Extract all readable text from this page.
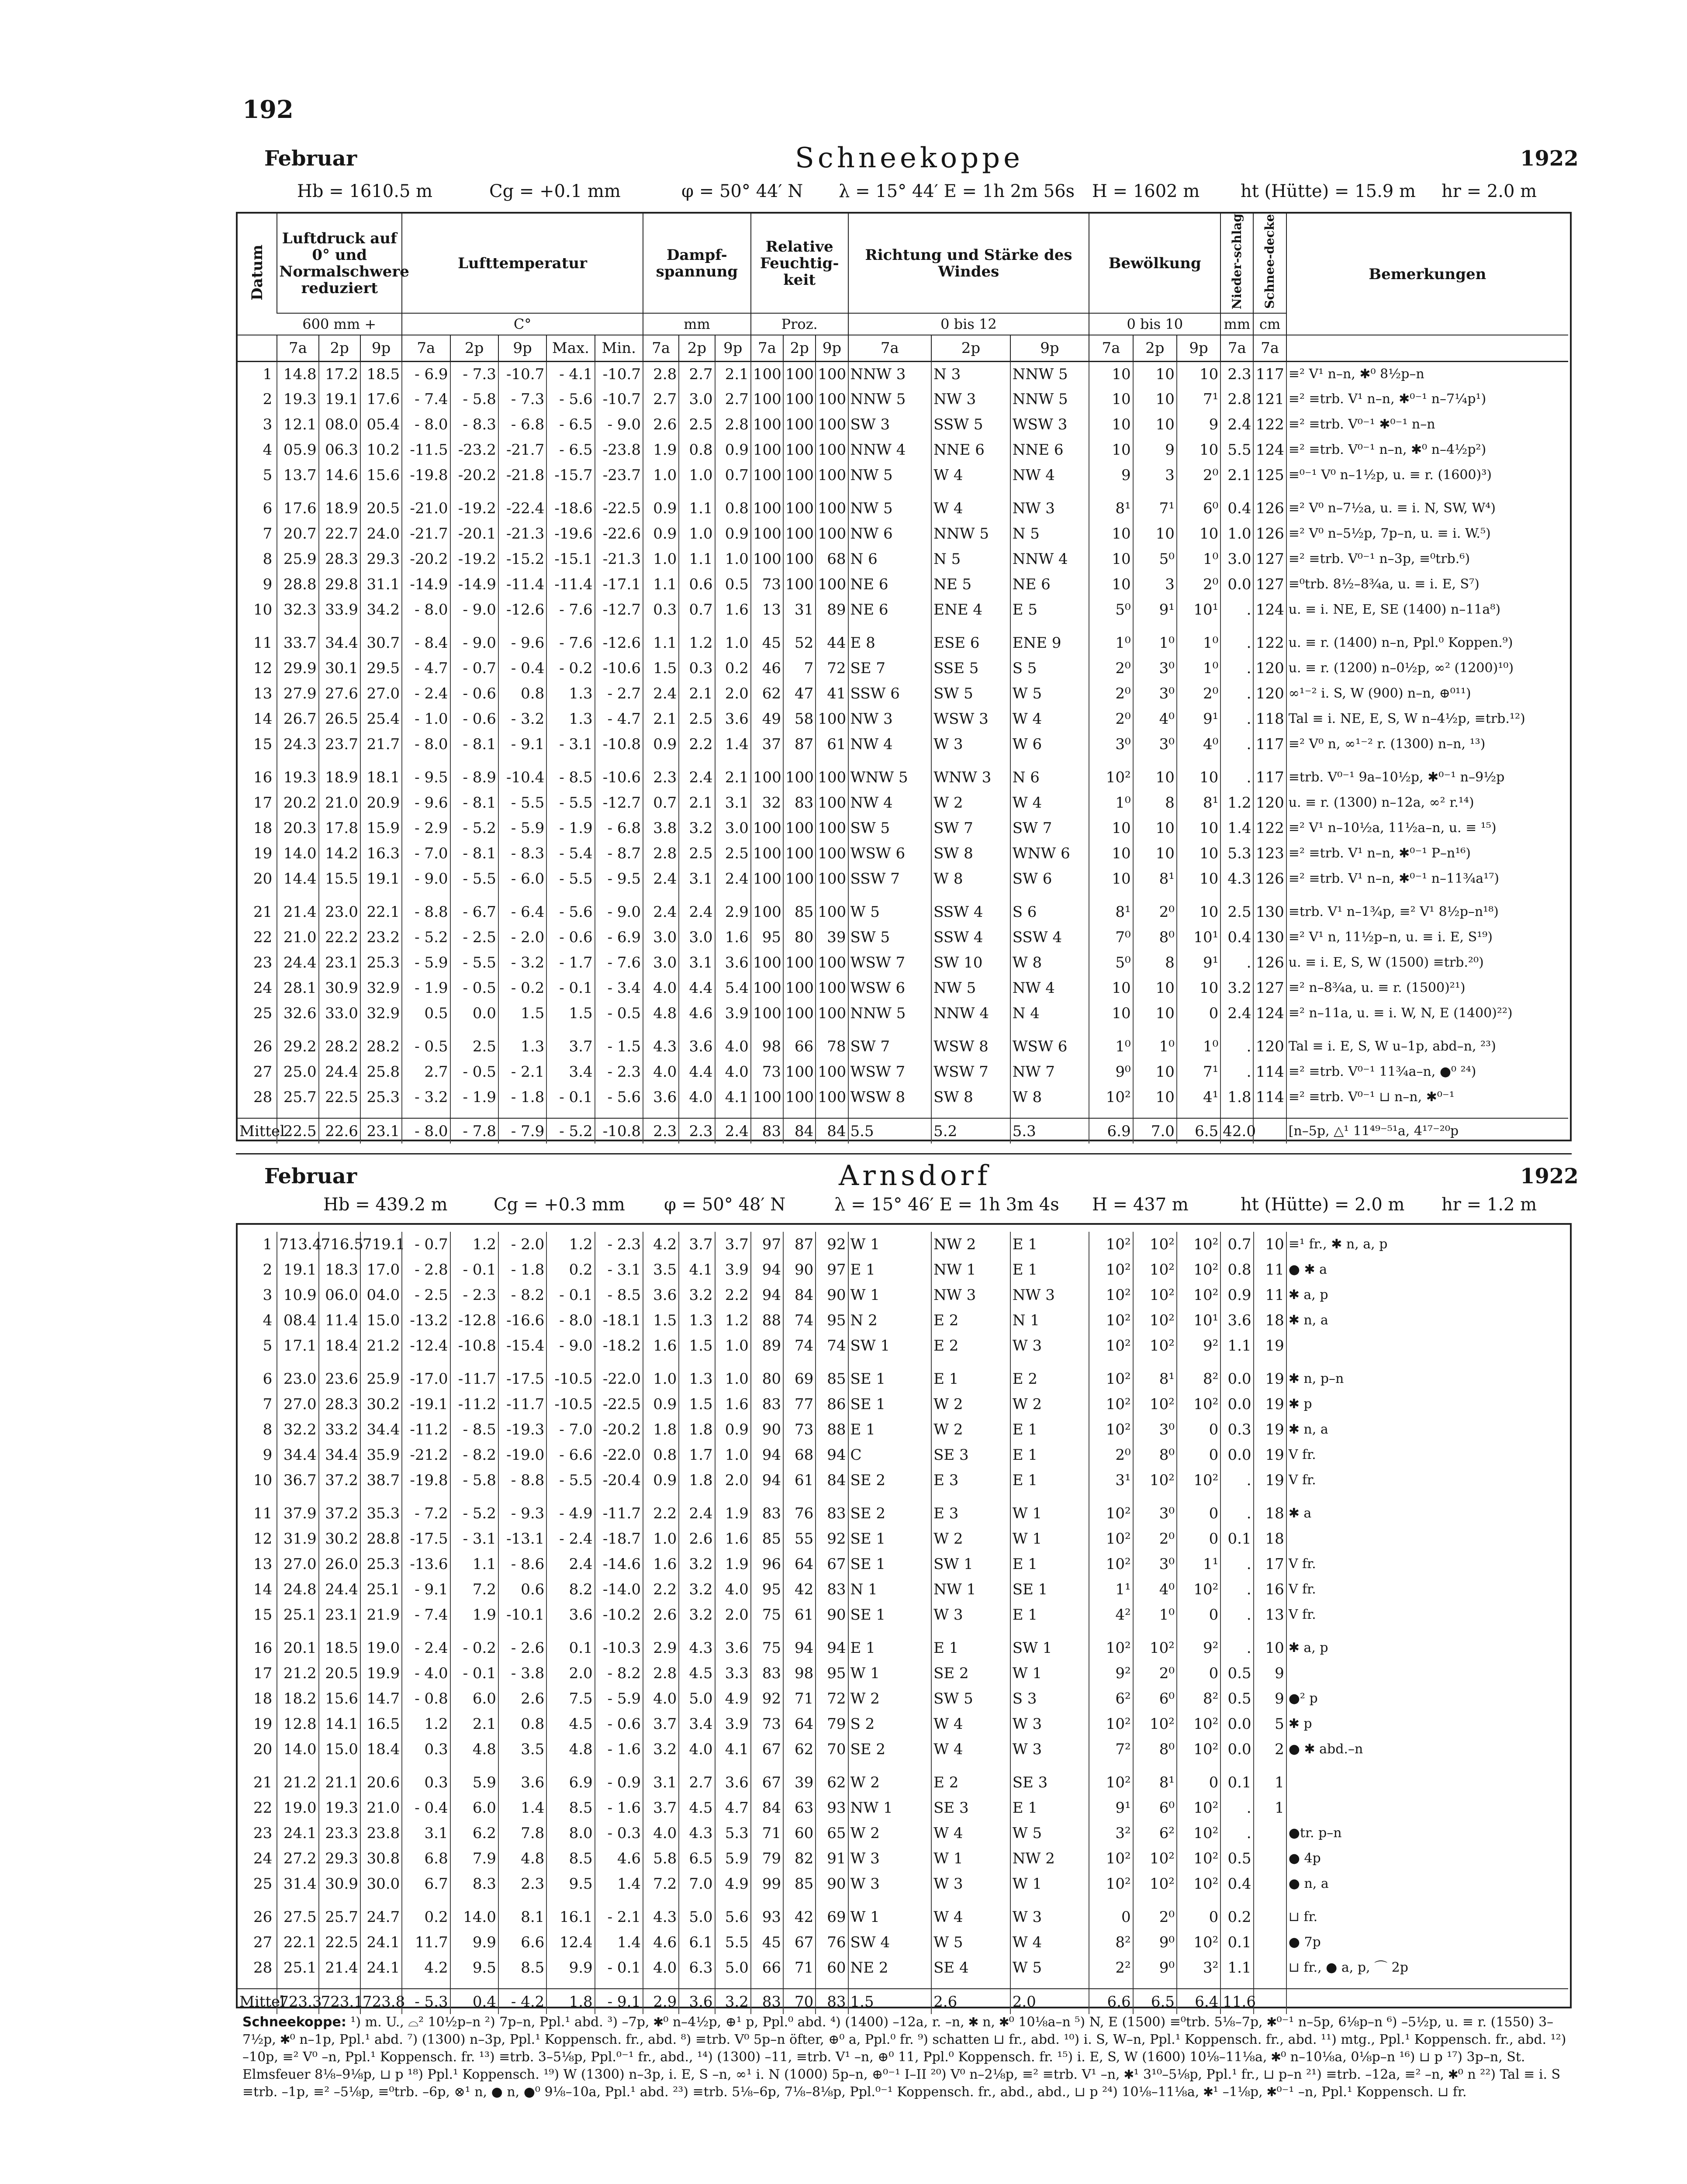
192
Februar	Schneekoppe	1922
Hb = 1610.5 m	Cg = +0.1 mm	φ = 50° 44′ N λ = 15° 44′ E = 1h 2m 56s H = 1602 m ht (Hütte) = 15.9 m hr = 2.0 m
Datum	Luftdruck auf 0° und Normalschwere reduziert			Lufttemperatur					Dampf-spannung			Relative Feuchtig-keit			Richtung und Stärke des Windes			Bewölkung			Nieder-schlag	Schnee-decke	Bemerkungen
	600 mm +			C°					mm			Proz.			0 bis 12			0 bis 10			mm	cm	
	7a	2p	9p	7a	2p	9p	Max.	Min.	7a	2p	9p	7a	2p	9p	7a	2p	9p	7a	2p	9p	7a	7a	
1	14.8	17.2	18.5	- 6.9	- 7.3	-10.7	- 4.1	-10.7	2.8	2.7	2.1	100	100	100	NNW 3	N 3	NNW 5	10	10	10	2.3	117	≡² V¹ n–n, ✱⁰ 8½p–n
2	19.3	19.1	17.6	- 7.4	- 5.8	- 7.3	- 5.6	-10.7	2.7	3.0	2.7	100	100	100	NNW 5	NW 3	NNW 5	10	10	7¹	2.8	121	≡² ≡trb. V¹ n–n, ✱⁰⁻¹ n–7¼p¹)
3	12.1	08.0	05.4	- 8.0	- 8.3	- 6.8	- 6.5	- 9.0	2.6	2.5	2.8	100	100	100	SW 3	SSW 5	WSW 3	10	10	9	2.4	122	≡² ≡trb. V⁰⁻¹ ✱⁰⁻¹ n–n
4	05.9	06.3	10.2	-11.5	-23.2	-21.7	- 6.5	-23.8	1.9	0.8	0.9	100	100	100	NNW 4	NNE 6	NNE 6	10	9	10	5.5	124	≡² ≡trb. V⁰⁻¹ n–n, ✱⁰ n–4½p²)
5	13.7	14.6	15.6	-19.8	-20.2	-21.8	-15.7	-23.7	1.0	1.0	0.7	100	100	100	NW 5	W 4	NW 4	9	3	2⁰	2.1	125	≡⁰⁻¹ V⁰ n–1½p, u. ≡ r. (1600)³)

6	17.6	18.9	20.5	-21.0	-19.2	-22.4	-18.6	-22.5	0.9	1.1	0.8	100	100	100	NW 5	W 4	NW 3	8¹	7¹	6⁰	0.4	126	≡² V⁰ n–7½a, u. ≡ i. N, SW, W⁴)
7	20.7	22.7	24.0	-21.7	-20.1	-21.3	-19.6	-22.6	0.9	1.0	0.9	100	100	100	NW 6	NNW 5	N 5	10	10	10	1.0	126	≡² V⁰ n–5½p, 7p–n, u. ≡ i. W.⁵)
8	25.9	28.3	29.3	-20.2	-19.2	-15.2	-15.1	-21.3	1.0	1.1	1.0	100	100	68	N 6	N 5	NNW 4	10	5⁰	1⁰	3.0	127	≡² ≡trb. V⁰⁻¹ n–3p, ≡⁰trb.⁶)
9	28.8	29.8	31.1	-14.9	-14.9	-11.4	-11.4	-17.1	1.1	0.6	0.5	73	100	100	NE 6	NE 5	NE 6	10	3	2⁰	0.0	127	≡⁰trb. 8½–8¾a, u. ≡ i. E, S⁷)
10	32.3	33.9	34.2	- 8.0	- 9.0	-12.6	- 7.6	-12.7	0.3	0.7	1.6	13	31	89	NE 6	ENE 4	E 5	5⁰	9¹	10¹	.	124	u. ≡ i. NE, E, SE (1400) n–11a⁸)

11	33.7	34.4	30.7	- 8.4	- 9.0	- 9.6	- 7.6	-12.6	1.1	1.2	1.0	45	52	44	E 8	ESE 6	ENE 9	1⁰	1⁰	1⁰	.	122	u. ≡ r. (1400) n–n, Ppl.⁰ Koppen.⁹)
12	29.9	30.1	29.5	- 4.7	- 0.7	- 0.4	- 0.2	-10.6	1.5	0.3	0.2	46	7	72	SE 7	SSE 5	S 5	2⁰	3⁰	1⁰	.	120	u. ≡ r. (1200) n–0½p, ∞² (1200)¹⁰)
13	27.9	27.6	27.0	- 2.4	- 0.6	0.8	1.3	- 2.7	2.4	2.1	2.0	62	47	41	SSW 6	SW 5	W 5	2⁰	3⁰	2⁰	.	120	∞¹⁻² i. S, W (900) n–n, ⊕⁰¹¹)
14	26.7	26.5	25.4	- 1.0	- 0.6	- 3.2	1.3	- 4.7	2.1	2.5	3.6	49	58	100	NW 3	WSW 3	W 4	2⁰	4⁰	9¹	.	118	Tal ≡ i. NE, E, S, W n–4½p, ≡trb.¹²)
15	24.3	23.7	21.7	- 8.0	- 8.1	- 9.1	- 3.1	-10.8	0.9	2.2	1.4	37	87	61	NW 4	W 3	W 6	3⁰	3⁰	4⁰	.	117	≡² V⁰ n, ∞¹⁻² r. (1300) n–n, ¹³)

16	19.3	18.9	18.1	- 9.5	- 8.9	-10.4	- 8.5	-10.6	2.3	2.4	2.1	100	100	100	WNW 5	WNW 3	N 6	10²	10	10	.	117	≡trb. V⁰⁻¹ 9a–10½p, ✱⁰⁻¹ n–9½p
17	20.2	21.0	20.9	- 9.6	- 8.1	- 5.5	- 5.5	-12.7	0.7	2.1	3.1	32	83	100	NW 4	W 2	W 4	1⁰	8	8¹	1.2	120	u. ≡ r. (1300) n–12a, ∞² r.¹⁴)
18	20.3	17.8	15.9	- 2.9	- 5.2	- 5.9	- 1.9	- 6.8	3.8	3.2	3.0	100	100	100	SW 5	SW 7	SW 7	10	10	10	1.4	122	≡² V¹ n–10½a, 11½a–n, u. ≡ ¹⁵)
19	14.0	14.2	16.3	- 7.0	- 8.1	- 8.3	- 5.4	- 8.7	2.8	2.5	2.5	100	100	100	WSW 6	SW 8	WNW 6	10	10	10	5.3	123	≡² ≡trb. V¹ n–n, ✱⁰⁻¹ P–n¹⁶)
20	14.4	15.5	19.1	- 9.0	- 5.5	- 6.0	- 5.5	- 9.5	2.4	3.1	2.4	100	100	100	SSW 7	W 8	SW 6	10	8¹	10	4.3	126	≡² ≡trb. V¹ n–n, ✱⁰⁻¹ n–11¾a¹⁷)

21	21.4	23.0	22.1	- 8.8	- 6.7	- 6.4	- 5.6	- 9.0	2.4	2.4	2.9	100	85	100	W 5	SSW 4	S 6	8¹	2⁰	10	2.5	130	≡trb. V¹ n–1¾p, ≡² V¹ 8½p–n¹⁸)
22	21.0	22.2	23.2	- 5.2	- 2.5	- 2.0	- 0.6	- 6.9	3.0	3.0	1.6	95	80	39	SW 5	SSW 4	SSW 4	7⁰	8⁰	10¹	0.4	130	≡² V¹ n, 11½p–n, u. ≡ i. E, S¹⁹)
23	24.4	23.1	25.3	- 5.9	- 5.5	- 3.2	- 1.7	- 7.6	3.0	3.1	3.6	100	100	100	WSW 7	SW 10	W 8	5⁰	8	9¹	.	126	u. ≡ i. E, S, W (1500) ≡trb.²⁰)
24	28.1	30.9	32.9	- 1.9	- 0.5	- 0.2	- 0.1	- 3.4	4.0	4.4	5.4	100	100	100	WSW 6	NW 5	NW 4	10	10	10	3.2	127	≡² n–8¾a, u. ≡ r. (1500)²¹)
25	32.6	33.0	32.9	0.5	0.0	1.5	1.5	- 0.5	4.8	4.6	3.9	100	100	100	NNW 5	NNW 4	N 4	10	10	0	2.4	124	≡² n–11a, u. ≡ i. W, N, E (1400)²²)

26	29.2	28.2	28.2	- 0.5	2.5	1.3	3.7	- 1.5	4.3	3.6	4.0	98	66	78	SW 7	WSW 8	WSW 6	1⁰	1⁰	1⁰	.	120	Tal ≡ i. E, S, W u–1p, abd–n, ²³)
27	25.0	24.4	25.8	2.7	- 0.5	- 2.1	3.4	- 2.3	4.0	4.4	4.0	73	100	100	WSW 7	WSW 7	NW 7	9⁰	10	7¹	.	114	≡² ≡trb. V⁰⁻¹ 11¾a–n, ●⁰ ²⁴)
28	25.7	22.5	25.3	- 3.2	- 1.9	- 1.8	- 0.1	- 5.6	3.6	4.0	4.1	100	100	100	WSW 8	SW 8	W 8	10²	10	4¹	1.8	114	≡² ≡trb. V⁰⁻¹ ⊔ n–n, ✱⁰⁻¹

Mittel	22.5	22.6	23.1	- 8.0	- 7.8	- 7.9	- 5.2	-10.8	2.3	2.3	2.4	83	84	84	5.5	5.2	5.3	6.9	7.0	6.5	42.0		[n–5p, △¹ 11⁴⁹⁻⁵¹a, 4¹⁷⁻²⁰p
Februar	Arnsdorf	1922
Hb = 439.2 m	Cg = +0.3 mm φ = 50° 48′ N	λ = 15° 46′ E = 1h 3m 4s H = 437 m	ht (Hütte) = 2.0 m hr = 1.2 m
1	713.4	716.5	719.1	- 0.7	1.2	- 2.0	1.2	- 2.3	4.2	3.7	3.7	97	87	92	W 1	NW 2	E 1	10²	10²	10²	0.7	10	≡¹ fr., ✱ n, a, p
2	19.1	18.3	17.0	- 2.8	- 0.1	- 1.8	0.2	- 3.1	3.5	4.1	3.9	94	90	97	E 1	NW 1	E 1	10²	10²	10²	0.8	11	● ✱ a
3	10.9	06.0	04.0	- 2.5	- 2.3	- 8.2	- 0.1	- 8.5	3.6	3.2	2.2	94	84	90	W 1	NW 3	NW 3	10²	10²	10²	0.9	11	✱ a, p
4	08.4	11.4	15.0	-13.2	-12.8	-16.6	- 8.0	-18.1	1.5	1.3	1.2	88	74	95	N 2	E 2	N 1	10²	10²	10¹	3.6	18	✱ n, a
5	17.1	18.4	21.2	-12.4	-10.8	-15.4	- 9.0	-18.2	1.6	1.5	1.0	89	74	74	SW 1	E 2	W 3	10²	10²	9²	1.1	19	

6	23.0	23.6	25.9	-17.0	-11.7	-17.5	-10.5	-22.0	1.0	1.3	1.0	80	69	85	SE 1	E 1	E 2	10²	8¹	8²	0.0	19	✱ n, p–n
7	27.0	28.3	30.2	-19.1	-11.2	-11.7	-10.5	-22.5	0.9	1.5	1.6	83	77	86	SE 1	W 2	W 2	10²	10²	10²	0.0	19	✱ p
8	32.2	33.2	34.4	-11.2	- 8.5	-19.3	- 7.0	-20.2	1.8	1.8	0.9	90	73	88	E 1	W 2	E 1	10²	3⁰	0	0.3	19	✱ n, a
9	34.4	34.4	35.9	-21.2	- 8.2	-19.0	- 6.6	-22.0	0.8	1.7	1.0	94	68	94	C	SE 3	E 1	2⁰	8⁰	0	0.0	19	V fr.
10	36.7	37.2	38.7	-19.8	- 5.8	- 8.8	- 5.5	-20.4	0.9	1.8	2.0	94	61	84	SE 2	E 3	E 1	3¹	10²	10²	.	19	V fr.

11	37.9	37.2	35.3	- 7.2	- 5.2	- 9.3	- 4.9	-11.7	2.2	2.4	1.9	83	76	83	SE 2	E 3	W 1	10²	3⁰	0	.	18	✱ a
12	31.9	30.2	28.8	-17.5	- 3.1	-13.1	- 2.4	-18.7	1.0	2.6	1.6	85	55	92	SE 1	W 2	W 1	10²	2⁰	0	0.1	18	
13	27.0	26.0	25.3	-13.6	1.1	- 8.6	2.4	-14.6	1.6	3.2	1.9	96	64	67	SE 1	SW 1	E 1	10²	3⁰	1¹	.	17	V fr.
14	24.8	24.4	25.1	- 9.1	7.2	0.6	8.2	-14.0	2.2	3.2	4.0	95	42	83	N 1	NW 1	SE 1	1¹	4⁰	10²	.	16	V fr.
15	25.1	23.1	21.9	- 7.4	1.9	-10.1	3.6	-10.2	2.6	3.2	2.0	75	61	90	SE 1	W 3	E 1	4²	1⁰	0	.	13	V fr.

16	20.1	18.5	19.0	- 2.4	- 0.2	- 2.6	0.1	-10.3	2.9	4.3	3.6	75	94	94	E 1	E 1	SW 1	10²	10²	9²	.	10	✱ a, p
17	21.2	20.5	19.9	- 4.0	- 0.1	- 3.8	2.0	- 8.2	2.8	4.5	3.3	83	98	95	W 1	SE 2	W 1	9²	2⁰	0	0.5	9	
18	18.2	15.6	14.7	- 0.8	6.0	2.6	7.5	- 5.9	4.0	5.0	4.9	92	71	72	W 2	SW 5	S 3	6²	6⁰	8²	0.5	9	●² p
19	12.8	14.1	16.5	1.2	2.1	0.8	4.5	- 0.6	3.7	3.4	3.9	73	64	79	S 2	W 4	W 3	10²	10²	10²	0.0	5	✱ p
20	14.0	15.0	18.4	0.3	4.8	3.5	4.8	- 1.6	3.2	4.0	4.1	67	62	70	SE 2	W 4	W 3	7²	8⁰	10²	0.0	2	● ✱ abd.–n

21	21.2	21.1	20.6	0.3	5.9	3.6	6.9	- 0.9	3.1	2.7	3.6	67	39	62	W 2	E 2	SE 3	10²	8¹	0	0.1	1	
22	19.0	19.3	21.0	- 0.4	6.0	1.4	8.5	- 1.6	3.7	4.5	4.7	84	63	93	NW 1	SE 3	E 1	9¹	6⁰	10²	.	1	
23	24.1	23.3	23.8	3.1	6.2	7.8	8.0	- 0.3	4.0	4.3	5.3	71	60	65	W 2	W 4	W 5	3²	6²	10²	.		●tr. p–n
24	27.2	29.3	30.8	6.8	7.9	4.8	8.5	4.6	5.8	6.5	5.9	79	82	91	W 3	W 1	NW 2	10²	10²	10²	0.5		● 4p
25	31.4	30.9	30.0	6.7	8.3	2.3	9.5	1.4	7.2	7.0	4.9	99	85	90	W 3	W 3	W 1	10²	10²	10²	0.4		● n, a

26	27.5	25.7	24.7	0.2	14.0	8.1	16.1	- 2.1	4.3	5.0	5.6	93	42	69	W 1	W 4	W 3	0	2⁰	0	0.2		⊔ fr.
27	22.1	22.5	24.1	11.7	9.9	6.6	12.4	1.4	4.6	6.1	5.5	45	67	76	SW 4	W 5	W 4	8²	9⁰	10²	0.1		● 7p
28	25.1	21.4	24.1	4.2	9.5	8.5	9.9	- 0.1	4.0	6.3	5.0	66	71	60	NE 2	SE 4	W 5	2²	9⁰	3²	1.1		⊔ fr., ● a, p, ⌒ 2p

Mittel	723.3	723.1	723.8	- 5.3	0.4	- 4.2	1.8	- 9.1	2.9	3.6	3.2	83	70	83	1.5	2.6	2.0	6.6	6.5	6.4	11.6		
Schneekoppe: ¹) m. U., ⌓² 10½p–n ²) 7p–n, Ppl.¹ abd. ³) –7p, ✱⁰ n–4½p, ⊕¹ p, Ppl.⁰ abd. ⁴) (1400) –12a, r. –n, ✱ n, ✱⁰ 10⅛a–n ⁵) N, E (1500) ≡⁰trb. 5⅛–7p, ✱⁰⁻¹ n–5p, 6⅛p–n ⁶) –5½p, u. ≡ r. (1550) 3–7½p, ✱⁰ n–1p, Ppl.¹ abd. ⁷) (1300) n–3p, Ppl.¹ Koppensch. fr., abd. ⁸) ≡trb. V⁰ 5p–n öfter, ⊕⁰ a, Ppl.⁰ fr. ⁹) schatten ⊔ fr., abd. ¹⁰) i. S, W–n, Ppl.¹ Koppensch. fr., abd. ¹¹) mtg., Ppl.¹ Koppensch. fr., abd. ¹²) –10p, ≡² V⁰ –n, Ppl.¹ Koppensch. fr. ¹³) ≡trb. 3–5⅛p, Ppl.⁰⁻¹ fr., abd., ¹⁴) (1300) –11, ≡trb. V¹ –n, ⊕⁰ 11, Ppl.⁰ Koppensch. fr. ¹⁵) i. E, S, W (1600) 10⅛–11⅛a, ✱⁰ n–10⅛a, 0⅛p–n ¹⁶) ⊔ p ¹⁷) 3p–n, St. Elmsfeuer 8⅛–9⅛p, ⊔ p ¹⁸) Ppl.¹ Koppensch. ¹⁹) W (1300) n–3p, i. E, S –n, ∞¹ i. N (1000) 5p–n, ⊕⁰⁻¹ I–II ²⁰) V⁰ n–2⅛p, ≡² ≡trb. V¹ –n, ✱¹ 3¹⁰–5⅛p, Ppl.¹ fr., ⊔ p–n ²¹) ≡trb. –12a, ≡² –n, ✱⁰ n ²²) Tal ≡ i. S ≡trb. –1p, ≡² –5⅛p, ≡⁰trb. –6p, ⊗¹ n, ● n, ●⁰ 9⅛–10a, Ppl.¹ abd. ²³) ≡trb. 5⅛–6p, 7⅛–8⅛p, Ppl.⁰⁻¹ Koppensch. fr., abd., abd., ⊔ p ²⁴) 10⅛–11⅛a, ✱¹ –1⅛p, ✱⁰⁻¹ –n, Ppl.¹ Koppensch. ⊔ fr.
